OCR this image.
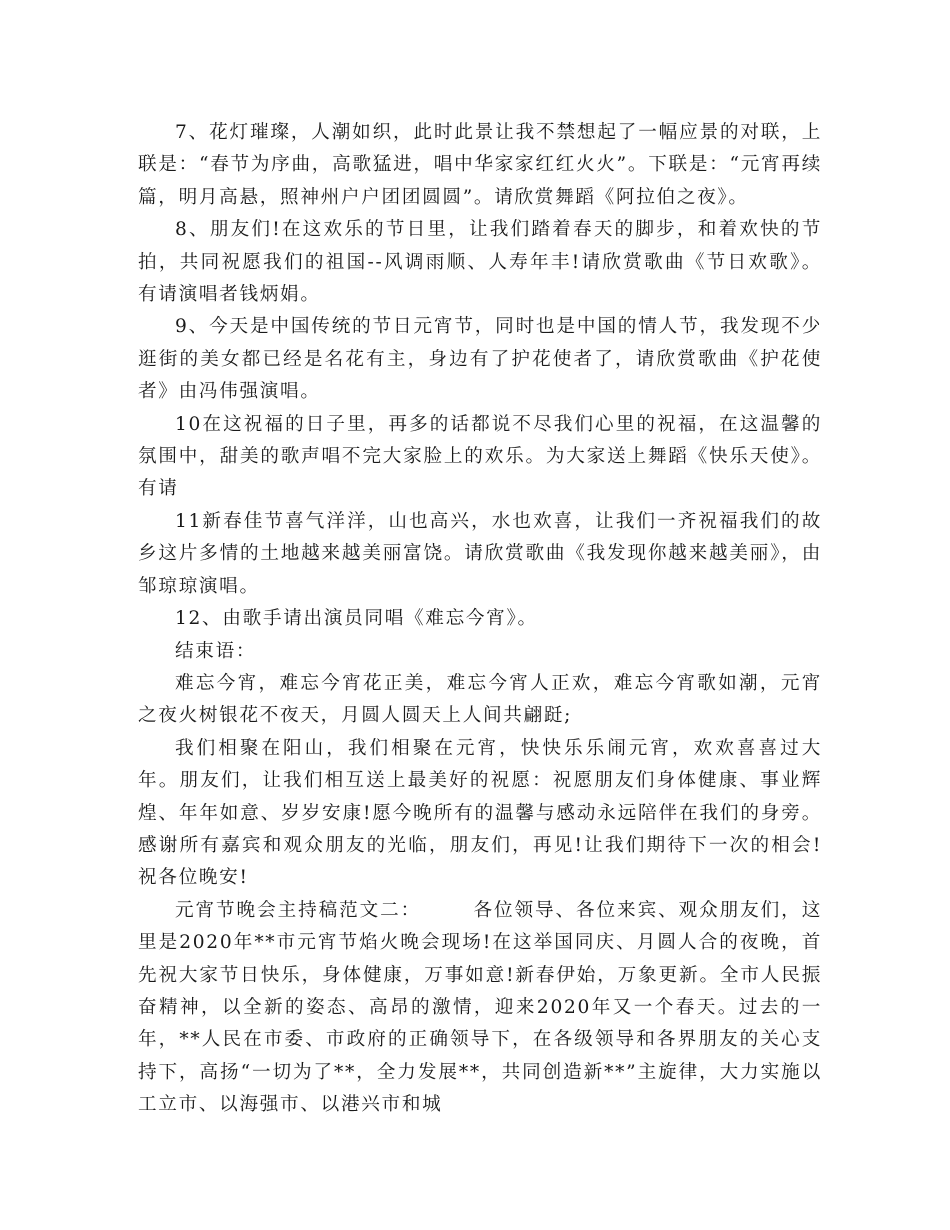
7、花灯璀璨，人潮如织，此时此景让我不禁想起了一幅应景的对联，上联是：“春节为序曲，高歌猛进，唱中华家家红红火火”。下联是：“元宵再续篇，明月高悬，照神州户户团团圆圆”。请欣赏舞蹈《阿拉伯之夜》。

8、朋友们!在这欢乐的节日里，让我们踏着春天的脚步，和着欢快的节拍，共同祝愿我们的祖国--风调雨顺、人寿年丰!请欣赏歌曲《节日欢歌》。有请演唱者钱炳娟。

9、今天是中国传统的节日元宵节，同时也是中国的情人节，我发现不少逛街的美女都已经是名花有主，身边有了护花使者了，请欣赏歌曲《护花使者》由冯伟强演唱。

10在这祝福的日子里，再多的话都说不尽我们心里的祝福，在这温馨的氛围中，甜美的歌声唱不完大家脸上的欢乐。为大家送上舞蹈《快乐天使》。有请

11新春佳节喜气洋洋，山也高兴，水也欢喜，让我们一齐祝福我们的故乡这片多情的土地越来越美丽富饶。请欣赏歌曲《我发现你越来越美丽》，由邹琼琼演唱。

12、由歌手请出演员同唱《难忘今宵》。

结束语：

难忘今宵，难忘今宵花正美，难忘今宵人正欢，难忘今宵歌如潮，元宵之夜火树银花不夜天，月圆人圆天上人间共翩跹;

我们相聚在阳山，我们相聚在元宵，快快乐乐闹元宵，欢欢喜喜过大年。朋友们，让我们相互送上最美好的祝愿：祝愿朋友们身体健康、事业辉煌、年年如意、岁岁安康!愿今晚所有的温馨与感动永远陪伴在我们的身旁。感谢所有嘉宾和观众朋友的光临，朋友们，再见!让我们期待下一次的相会!祝各位晚安!

元宵节晚会主持稿范文二：　　　各位领导、各位来宾、观众朋友们，这里是2020年**市元宵节焰火晚会现场!在这举国同庆、月圆人合的夜晚，首先祝大家节日快乐，身体健康，万事如意!新春伊始，万象更新。全市人民振奋精神，以全新的姿态、高昂的激情，迎来2020年又一个春天。过去的一年，**人民在市委、市政府的正确领导下，在各级领导和各界朋友的关心支持下，高扬“一切为了**，全力发展**，共同创造新**”主旋律，大力实施以工立市、以海强市、以港兴市和城
